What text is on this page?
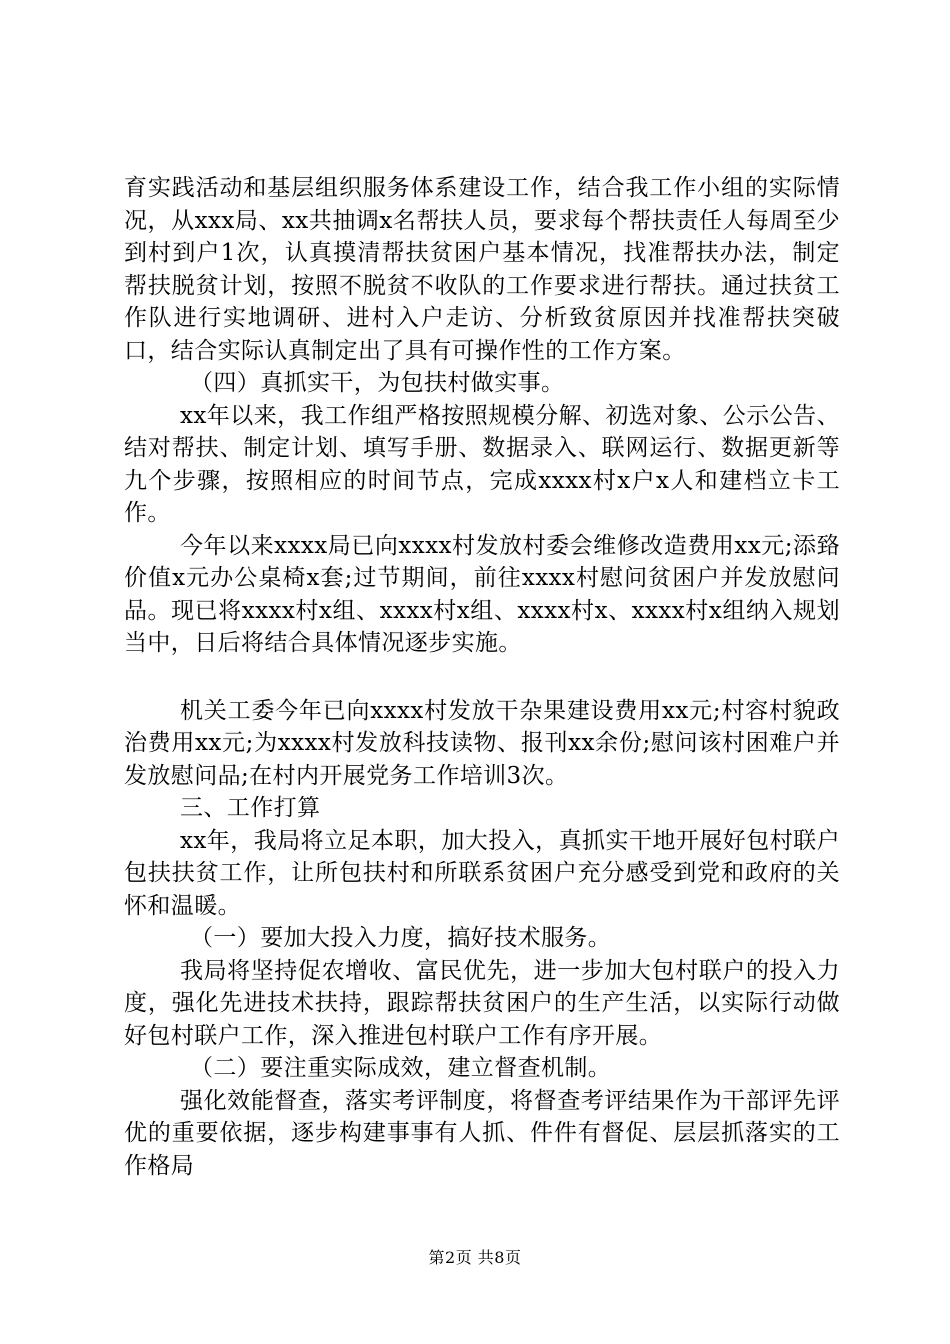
育实践活动和基层组织服务体系建设工作，结合我工作小组的实际情况，从xxx局、xx共抽调x名帮扶人员，要求每个帮扶责任人每周至少到村到户1次，认真摸清帮扶贫困户基本情况，找准帮扶办法，制定帮扶脱贫计划，按照不脱贫不收队的工作要求进行帮扶。通过扶贫工作队进行实地调研、进村入户走访、分析致贫原因并找准帮扶突破口，结合实际认真制定出了具有可操作性的工作方案。

（四）真抓实干，为包扶村做实事。

xx年以来，我工作组严格按照规模分解、初选对象、公示公告、结对帮扶、制定计划、填写手册、数据录入、联网运行、数据更新等九个步骤，按照相应的时间节点，完成xxxx村x户x人和建档立卡工作。

今年以来xxxx局已向xxxx村发放村委会维修改造费用xx元;添臵价值x元办公桌椅x套;过节期间，前往xxxx村慰问贫困户并发放慰问品。现已将xxxx村x组、xxxx村x组、xxxx村x、xxxx村x组纳入规划当中，日后将结合具体情况逐步实施。

机关工委今年已向xxxx村发放干杂果建设费用xx元;村容村貌政治费用xx元;为xxxx村发放科技读物、报刊xx余份;慰问该村困难户并发放慰问品;在村内开展党务工作培训3次。

三、工作打算

xx年，我局将立足本职，加大投入，真抓实干地开展好包村联户包扶扶贫工作，让所包扶村和所联系贫困户充分感受到党和政府的关怀和温暖。

（一）要加大投入力度，搞好技术服务。

我局将坚持促农增收、富民优先，进一步加大包村联户的投入力度，强化先进技术扶持，跟踪帮扶贫困户的生产生活，以实际行动做好包村联户工作，深入推进包村联户工作有序开展。

（二）要注重实际成效，建立督查机制。

强化效能督查，落实考评制度，将督查考评结果作为干部评先评优的重要依据，逐步构建事事有人抓、件件有督促、层层抓落实的工作格局

第2页 共8页
